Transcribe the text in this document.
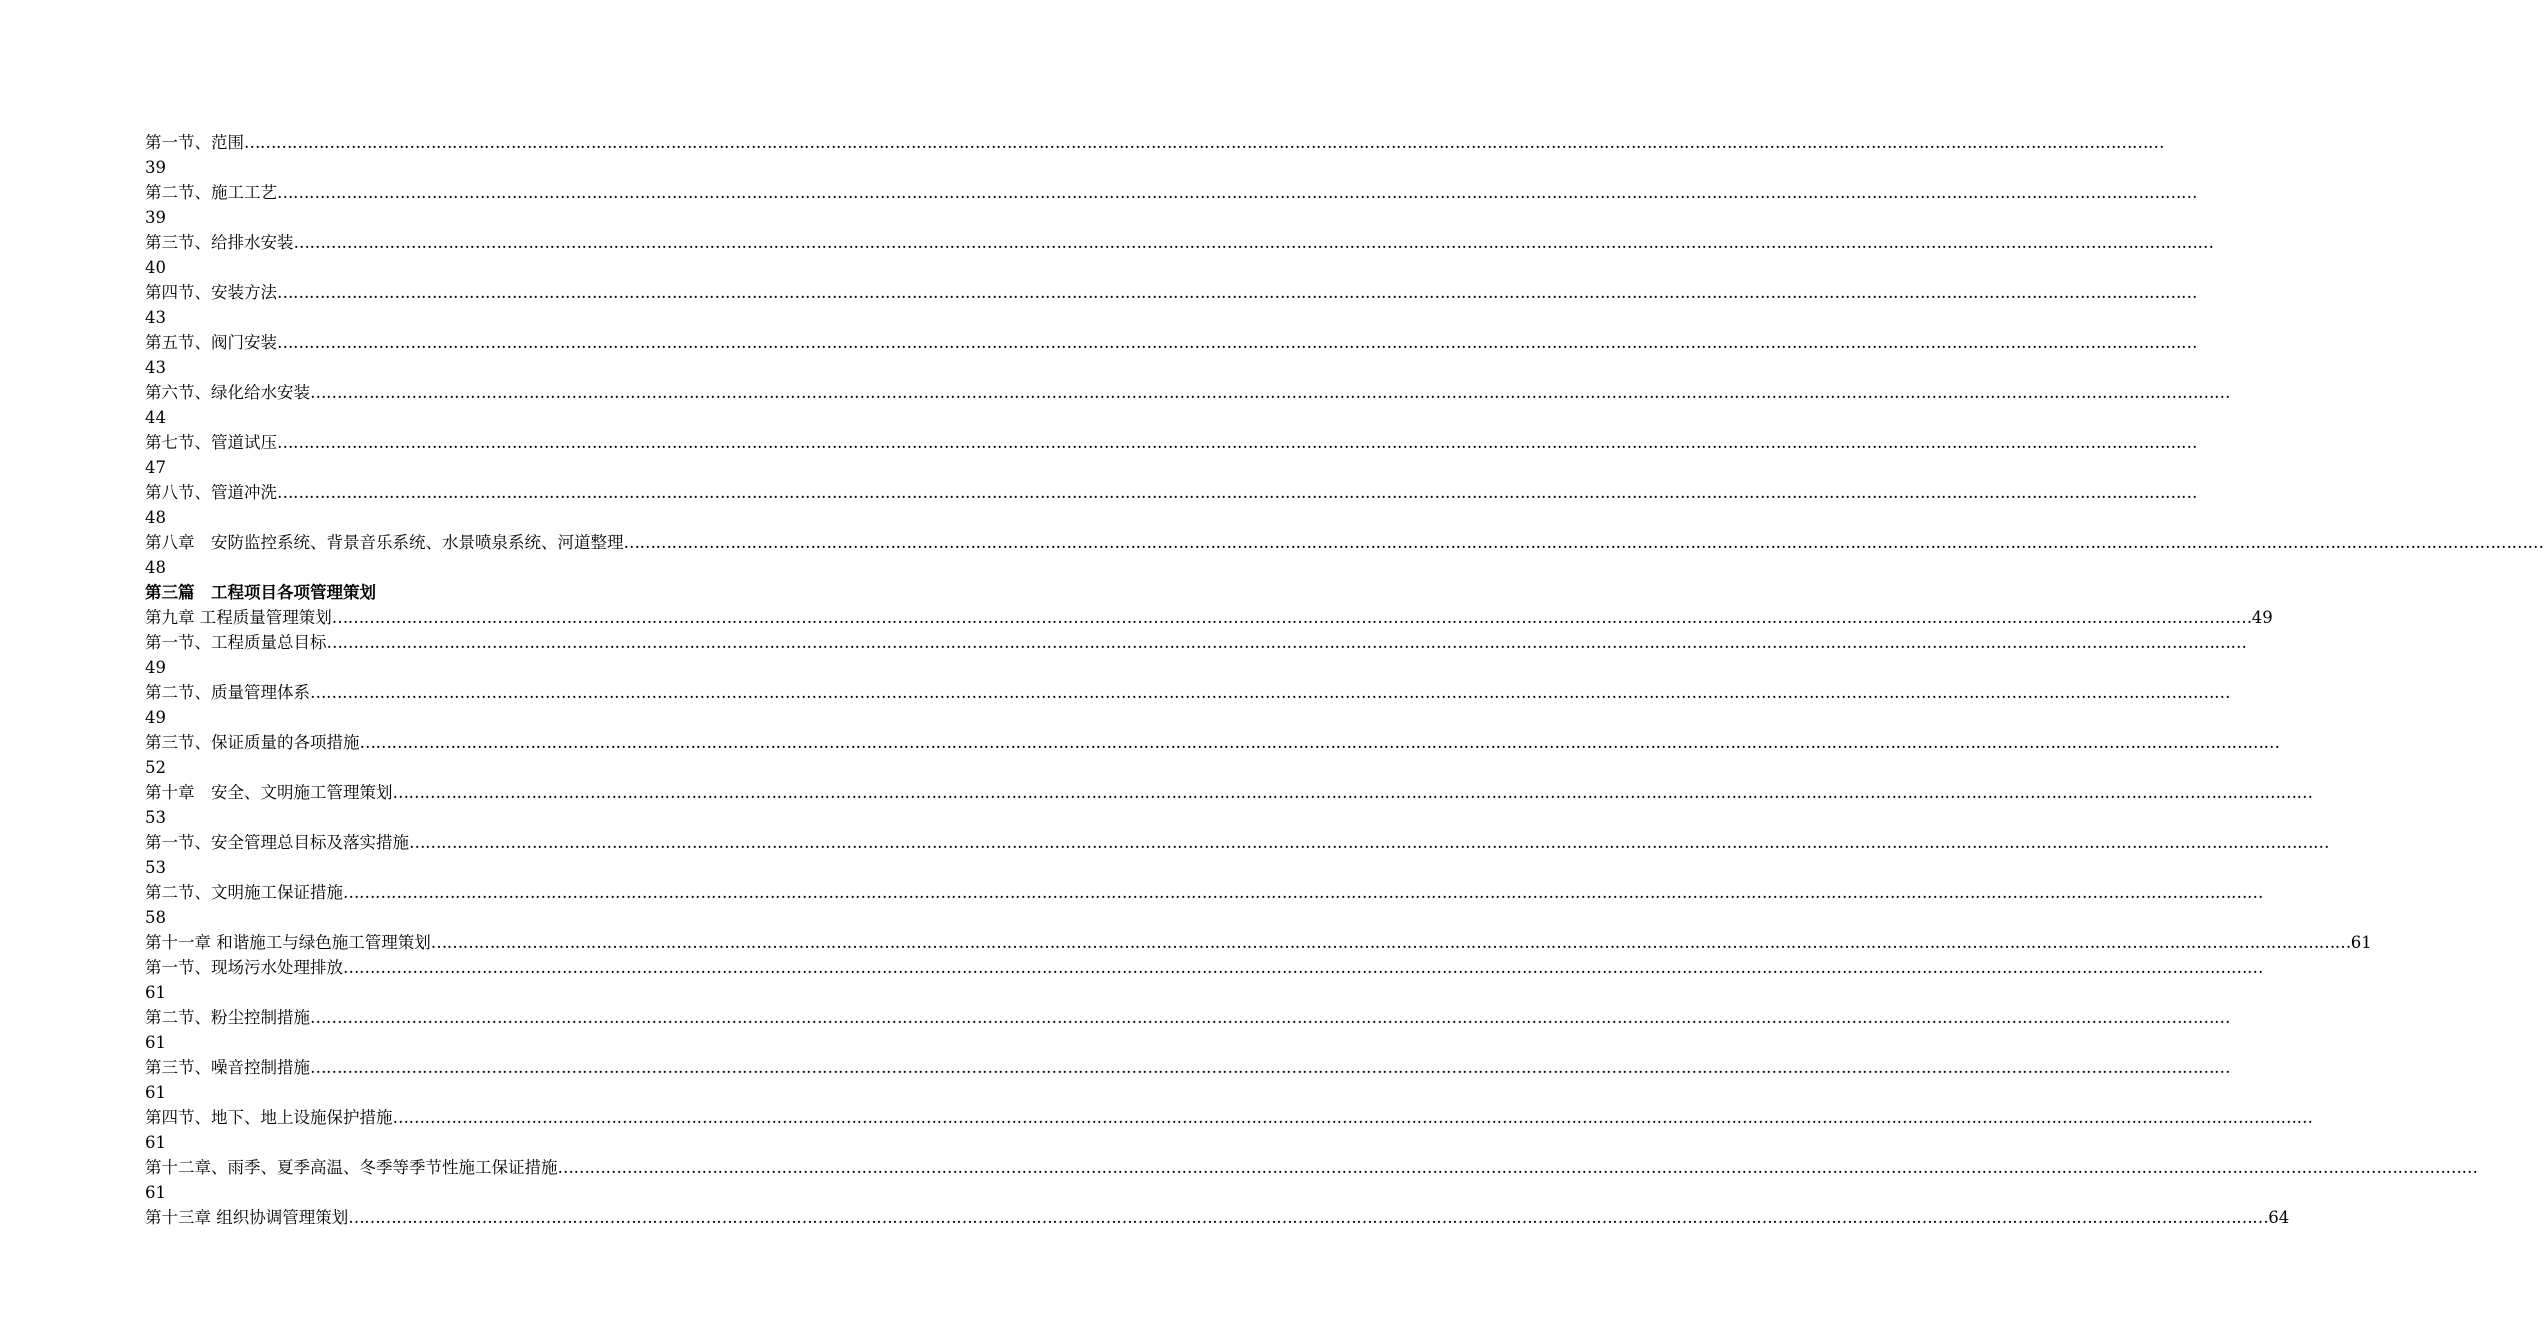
第一节、范围 ………………………………………………………………………………………………………………………………………………………………………………………………………………………………………………………………………………………………………………………………
39
第二节、施工工艺 ………………………………………………………………………………………………………………………………………………………………………………………………………………………………………………………………………………………………………………………………
39
第三节、给排水安装 ………………………………………………………………………………………………………………………………………………………………………………………………………………………………………………………………………………………………………………………………
40
第四节、安装方法 ………………………………………………………………………………………………………………………………………………………………………………………………………………………………………………………………………………………………………………………………
43
第五节、阀门安装 ………………………………………………………………………………………………………………………………………………………………………………………………………………………………………………………………………………………………………………………………
43
第六节、绿化给水安装 ………………………………………………………………………………………………………………………………………………………………………………………………………………………………………………………………………………………………………………………………
44
第七节、管道试压 ………………………………………………………………………………………………………………………………………………………………………………………………………………………………………………………………………………………………………………………………
47
第八节、管道冲洗 ………………………………………………………………………………………………………………………………………………………………………………………………………………………………………………………………………………………………………………………………
48
第八章　安防监控系统、背景音乐系统、水景喷泉系统、河道整理 ………………………………………………………………………………………………………………………………………………………………………………………………………………………………………………………………………………………………………………………………
48
第三篇　工程项目各项管理策划
第九章 工程质量管理策划 ……………………………………………………………………………………………………………………………………………………………………………………………………………………………………………………………………………………………………………………………… 49
第一节、工程质量总目标 ………………………………………………………………………………………………………………………………………………………………………………………………………………………………………………………………………………………………………………………………
49
第二节、质量管理体系 ………………………………………………………………………………………………………………………………………………………………………………………………………………………………………………………………………………………………………………………………
49
第三节、保证质量的各项措施 ………………………………………………………………………………………………………………………………………………………………………………………………………………………………………………………………………………………………………………………………
52
第十章　安全、文明施工管理策划 ………………………………………………………………………………………………………………………………………………………………………………………………………………………………………………………………………………………………………………………………
53
第一节、安全管理总目标及落实措施 ………………………………………………………………………………………………………………………………………………………………………………………………………………………………………………………………………………………………………………………………
53
第二节、文明施工保证措施 ………………………………………………………………………………………………………………………………………………………………………………………………………………………………………………………………………………………………………………………………
58
第十一章 和谐施工与绿色施工管理策划 ……………………………………………………………………………………………………………………………………………………………………………………………………………………………………………………………………………………………………………………………… 61
第一节、现场污水处理排放 ………………………………………………………………………………………………………………………………………………………………………………………………………………………………………………………………………………………………………………………………
61
第二节、粉尘控制措施 ………………………………………………………………………………………………………………………………………………………………………………………………………………………………………………………………………………………………………………………………
61
第三节、噪音控制措施 ………………………………………………………………………………………………………………………………………………………………………………………………………………………………………………………………………………………………………………………………
61
第四节、地下、地上设施保护措施 ………………………………………………………………………………………………………………………………………………………………………………………………………………………………………………………………………………………………………………………………
61
第十二章、雨季、夏季高温、冬季等季节性施工保证措施 ………………………………………………………………………………………………………………………………………………………………………………………………………………………………………………………………………………………………………………………………
61
第十三章 组织协调管理策划 ……………………………………………………………………………………………………………………………………………………………………………………………………………………………………………………………………………………………………………………………… 64
